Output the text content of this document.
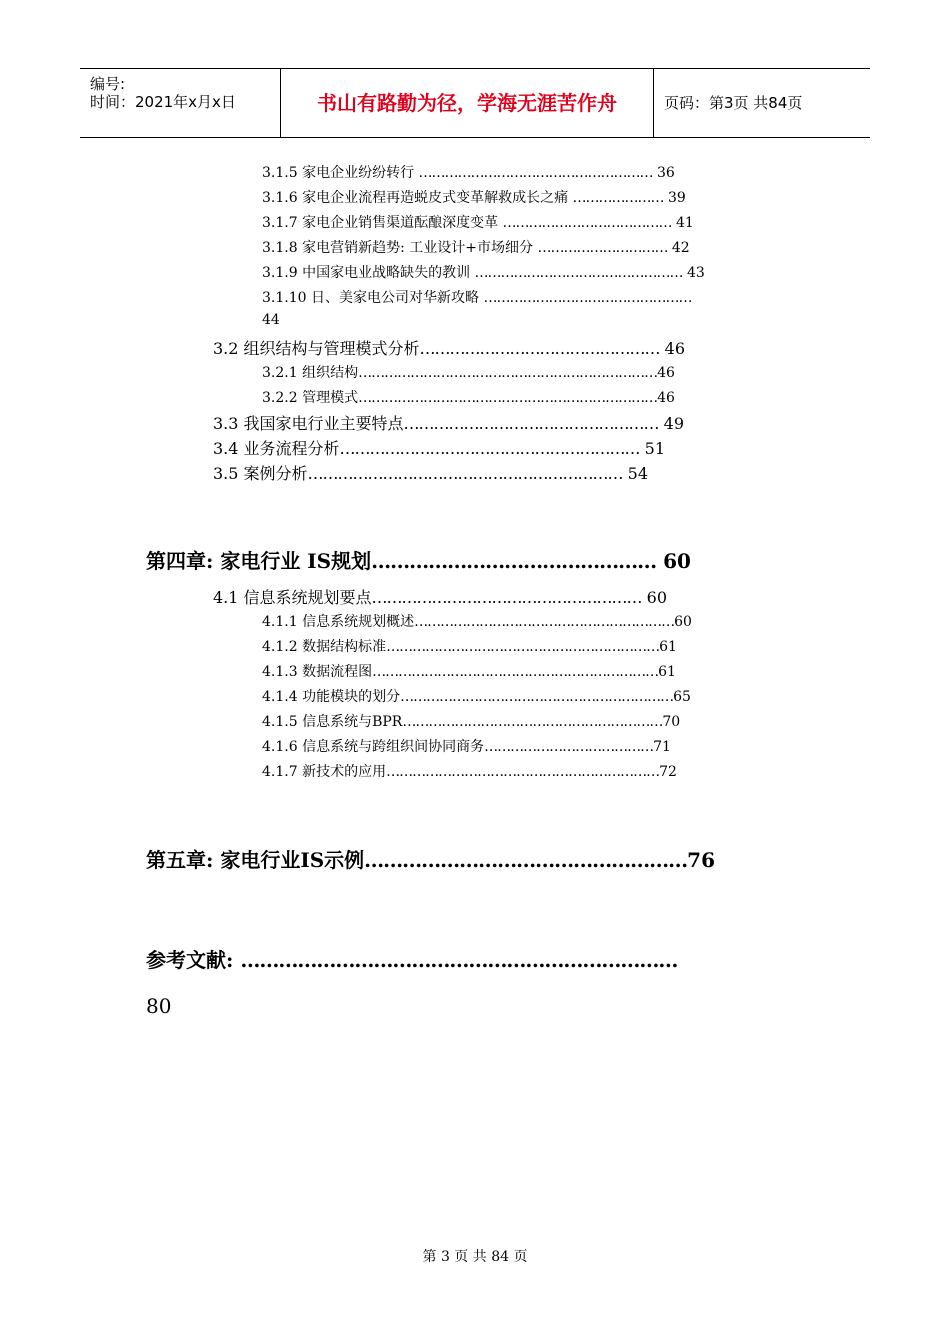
编号:
时间：2021年x月x日	书山有路勤为径，学海无涯苦作舟	页码：第3页 共84页
3.1.5 家电企业纷纷转行 ……………………………………………… 36
3.1.6 家电企业流程再造蜕皮式变革解救成长之痛 ………………… 39
3.1.7 家电企业销售渠道酝酿深度变革 ………………………………… 41
3.1.8 家电营销新趋势: 工业设计+市场细分 ………………………… 42
3.1.9 中国家电业战略缺失的教训 ………………………………………… 43
3.1.10 日、美家电公司对华新攻略 …………………………………………
44
3.2 组织结构与管理模式分析………………………………………… 46
3.2.1 组织结构……………………………………………………………46
3.2.2 管理模式……………………………………………………………46
3.3 我国家电行业主要特点…………………………………………… 49
3.4 业务流程分析…………………………………………………… 51
3.5 案例分析……………………………………………………… 54
第四章: 家电行业 IS规划……………………………………… 60
4.1 信息系统规划要点……………………………………………… 60
4.1.1 信息系统规划概述……………………………………………………60
4.1.2 数据结构标准………………………………………………………61
4.1.3 数据流程图…………………………………………………………61
4.1.4 功能模块的划分………………………………………………………65
4.1.5 信息系统与BPR……………………………………………………70
4.1.6 信息系统与跨组织间协同商务…………………………………71
4.1.7 新技术的应用………………………………………………………72
第五章: 家电行业IS示例……………………………………………76
参考文献: ……………………………………………………………
80
第 3 页 共 84 页
